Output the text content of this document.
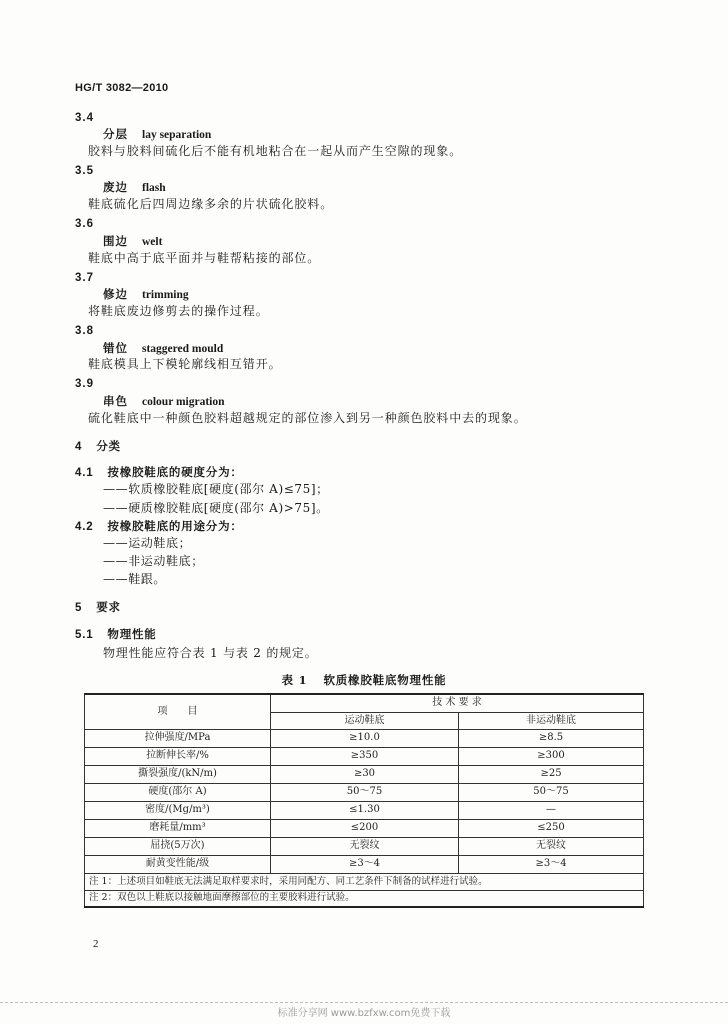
HG/T 3082—2010
3.4
分层 lay separation
胶料与胶料间硫化后不能有机地粘合在一起从而产生空隙的现象。
3.5
废边 flash
鞋底硫化后四周边缘多余的片状硫化胶料。
3.6
围边 welt
鞋底中高于底平面并与鞋帮粘接的部位。
3.7
修边 trimming
将鞋底废边修剪去的操作过程。
3.8
错位 staggered mould
鞋底模具上下模轮廓线相互错开。
3.9
串色 colour migration
硫化鞋底中一种颜色胶料超越规定的部位渗入到另一种颜色胶料中去的现象。
4 分类
4.1 按橡胶鞋底的硬度分为：
——软质橡胶鞋底[硬度(邵尔 A)≤75]；
——硬质橡胶鞋底[硬度(邵尔 A)>75]。
4.2 按橡胶鞋底的用途分为：
——运动鞋底；
——非运动鞋底；
——鞋跟。
5 要求
5.1 物理性能
物理性能应符合表 1 与表 2 的规定。
表 1 软质橡胶鞋底物理性能
项　　目	技 术 要 求	
	运动鞋底	非运动鞋底
拉伸强度/MPa	≥10.0	≥8.5
拉断伸长率/%	≥350	≥300
撕裂强度/(kN/m)	≥30	≥25
硬度(邵尔 A)	50～75	50～75
密度/(Mg/m³)	≤1.30	—
磨耗量/mm³	≤200	≤250
屈挠(5万次)	无裂纹	无裂纹
耐黄变性能/级	≥3～4	≥3～4
注 1：上述项目如鞋底无法满足取样要求时，采用同配方、同工艺条件下制备的试样进行试验。		
注 2：双色以上鞋底以接触地面摩擦部位的主要胶料进行试验。		
2
标准分享网 www.bzfxw.com免费下载
